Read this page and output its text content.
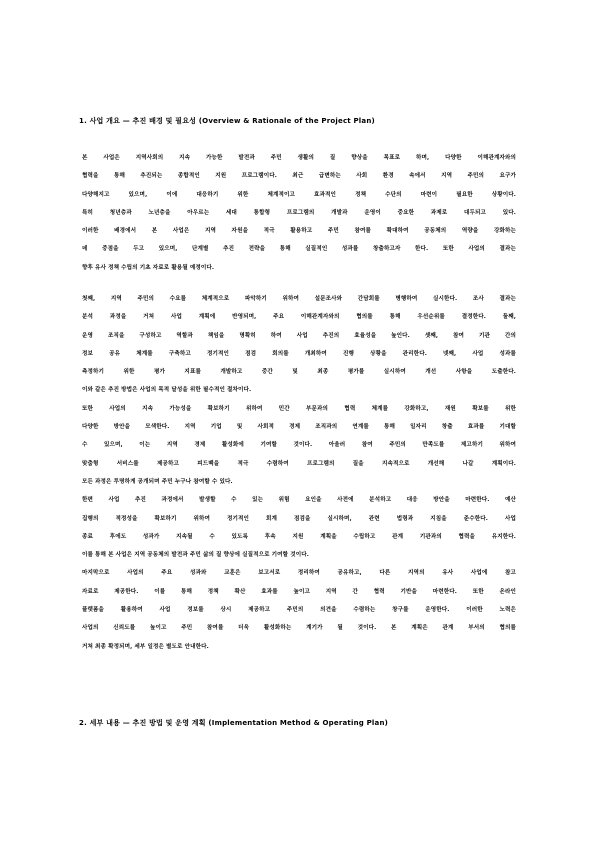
1. 사업 개요 — 추진 배경 및 필요성 (Overview & Rationale of the Project Plan)
본 사업은 지역사회의 지속 가능한 발전과 주민 생활의 질 향상을 목표로 하며, 다양한 이해관계자와의
협력을 통해 추진되는 종합적인 지원 프로그램이다. 최근 급변하는 사회 환경 속에서 지역 주민의 요구가
다양해지고 있으며, 이에 대응하기 위한 체계적이고 효과적인 정책 수단의 마련이 필요한 상황이다.
특히 청년층과 노년층을 아우르는 세대 통합형 프로그램의 개발과 운영이 중요한 과제로 대두되고 있다.
이러한 배경에서 본 사업은 지역 자원을 적극 활용하고 주민 참여를 확대하여 공동체의 역량을 강화하는
데 중점을 두고 있으며, 단계별 추진 전략을 통해 실질적인 성과를 창출하고자 한다. 또한 사업의 결과는
향후 유사 정책 수립의 기초 자료로 활용될 예정이다.
첫째, 지역 주민의 수요를 체계적으로 파악하기 위하여 설문조사와 간담회를 병행하여 실시한다. 조사 결과는
분석 과정을 거쳐 사업 계획에 반영되며, 주요 이해관계자와의 협의를 통해 우선순위를 결정한다. 둘째,
운영 조직을 구성하고 역할과 책임을 명확히 하여 사업 추진의 효율성을 높인다. 셋째, 참여 기관 간의
정보 공유 체계를 구축하고 정기적인 점검 회의를 개최하여 진행 상황을 관리한다. 넷째, 사업 성과를
측정하기 위한 평가 지표를 개발하고 중간 및 최종 평가를 실시하여 개선 사항을 도출한다.
이와 같은 추진 방법은 사업의 목적 달성을 위한 필수적인 절차이다.
또한 사업의 지속 가능성을 확보하기 위하여 민간 부문과의 협력 체계를 강화하고, 재원 확보를 위한
다양한 방안을 모색한다. 지역 기업 및 사회적 경제 조직과의 연계를 통해 일자리 창출 효과를 기대할
수 있으며, 이는 지역 경제 활성화에 기여할 것이다. 아울러 참여 주민의 만족도를 제고하기 위하여
맞춤형 서비스를 제공하고 피드백을 적극 수렴하여 프로그램의 질을 지속적으로 개선해 나갈 계획이다.
모든 과정은 투명하게 공개되며 주민 누구나 참여할 수 있다.
한편 사업 추진 과정에서 발생할 수 있는 위험 요인을 사전에 분석하고 대응 방안을 마련한다. 예산
집행의 적정성을 확보하기 위하여 정기적인 회계 점검을 실시하며, 관련 법령과 지침을 준수한다. 사업
종료 후에도 성과가 지속될 수 있도록 후속 지원 계획을 수립하고 관계 기관과의 협력을 유지한다.
이를 통해 본 사업은 지역 공동체의 발전과 주민 삶의 질 향상에 실질적으로 기여할 것이다.
마지막으로 사업의 주요 성과와 교훈은 보고서로 정리하여 공유하고, 다른 지역의 유사 사업에 참고
자료로 제공한다. 이를 통해 정책 확산 효과를 높이고 지역 간 협력 기반을 마련한다. 또한 온라인
플랫폼을 활용하여 사업 정보를 상시 제공하고 주민의 의견을 수렴하는 창구를 운영한다. 이러한 노력은
사업의 신뢰도를 높이고 주민 참여를 더욱 활성화하는 계기가 될 것이다. 본 계획은 관계 부서의 협의를
거쳐 최종 확정되며, 세부 일정은 별도로 안내한다.
2. 세부 내용 — 추진 방법 및 운영 계획 (Implementation Method & Operating Plan)
